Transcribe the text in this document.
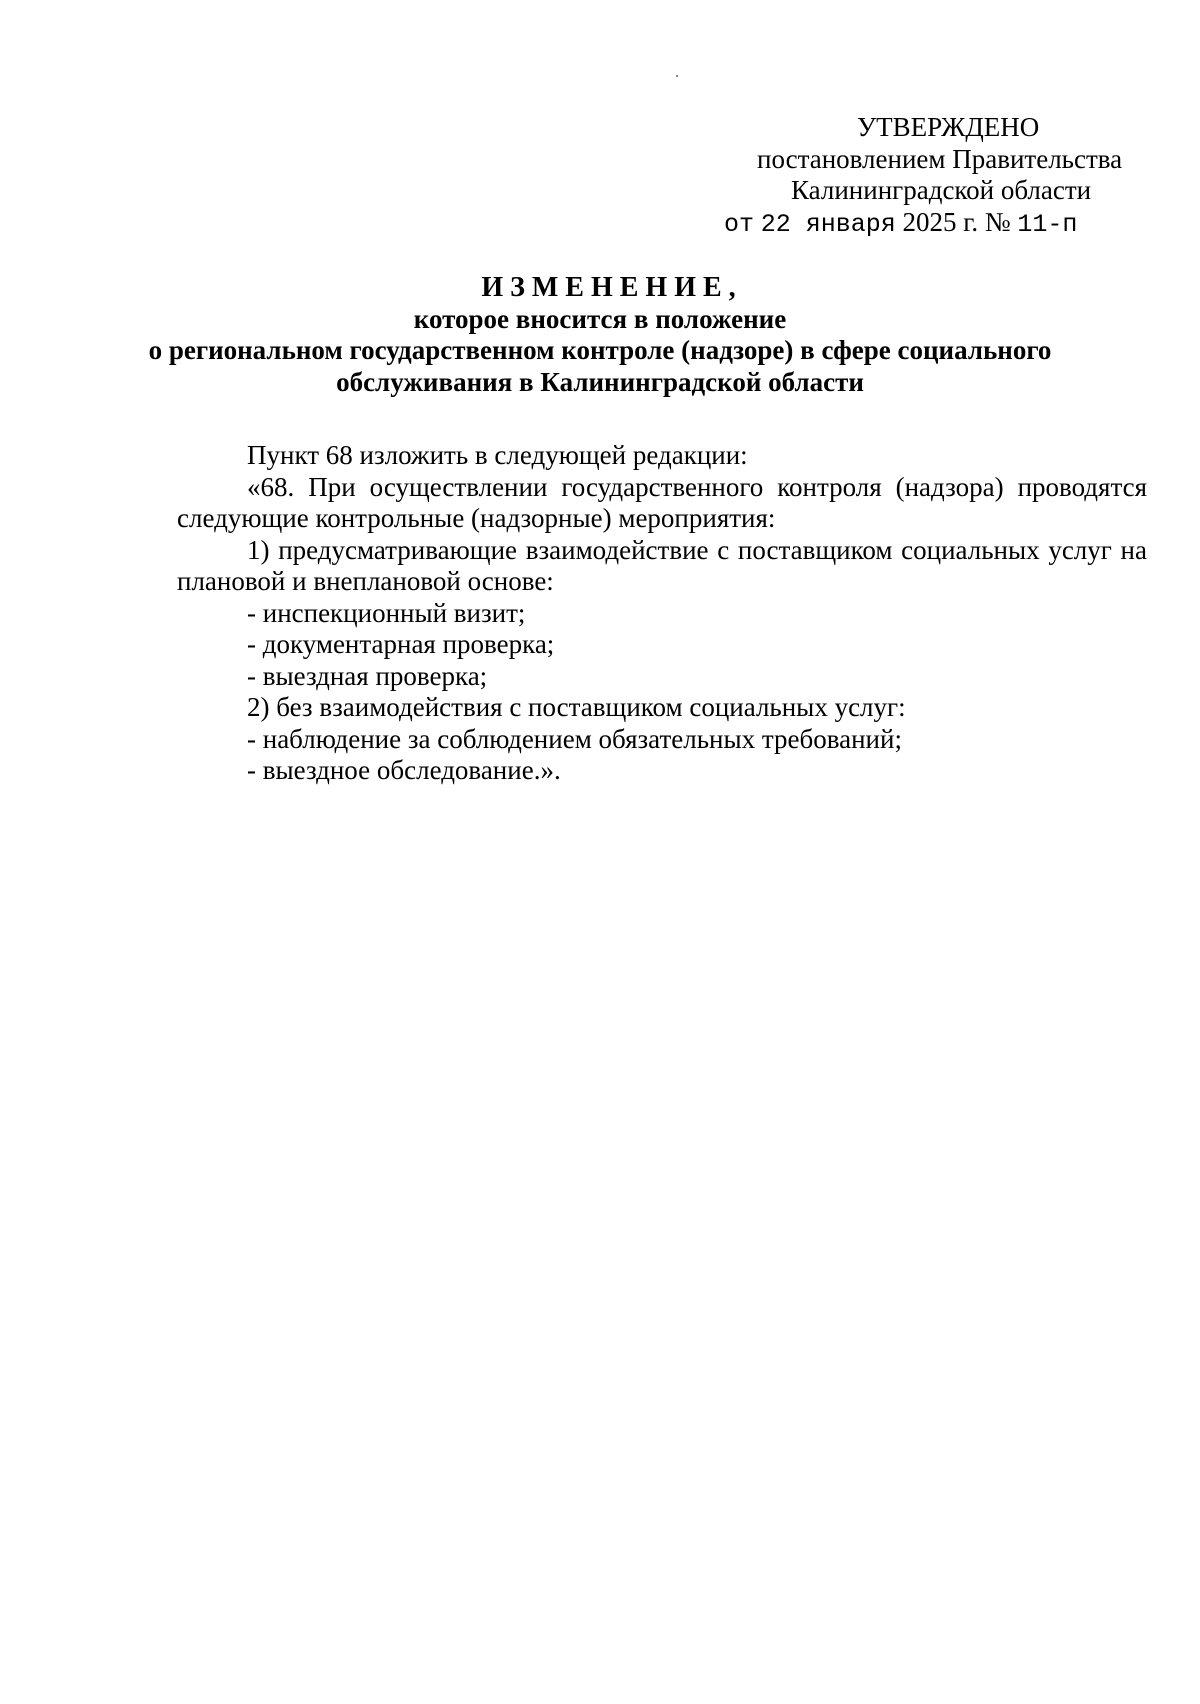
УТВЕРЖДЕНО
постановлением Правительства
Калининградской области
от 22 января 2025 г. № 11-п
ИЗМЕНЕНИЕ,
которое вносится в положение
о региональном государственном контроле (надзоре) в сфере социального
обслуживания в Калининградской области

Пункт 68 изложить в следующей редакции:

«68. При осуществлении государственного контроля (надзора) проводятся следующие контрольные (надзорные) мероприятия:

1) предусматривающие взаимодействие с поставщиком социальных услуг на плановой и внеплановой основе:

- инспекционный визит;

- документарная проверка;

- выездная проверка;

2) без взаимодействия с поставщиком социальных услуг:

- наблюдение за соблюдением обязательных требований;

- выездное обследование.».
